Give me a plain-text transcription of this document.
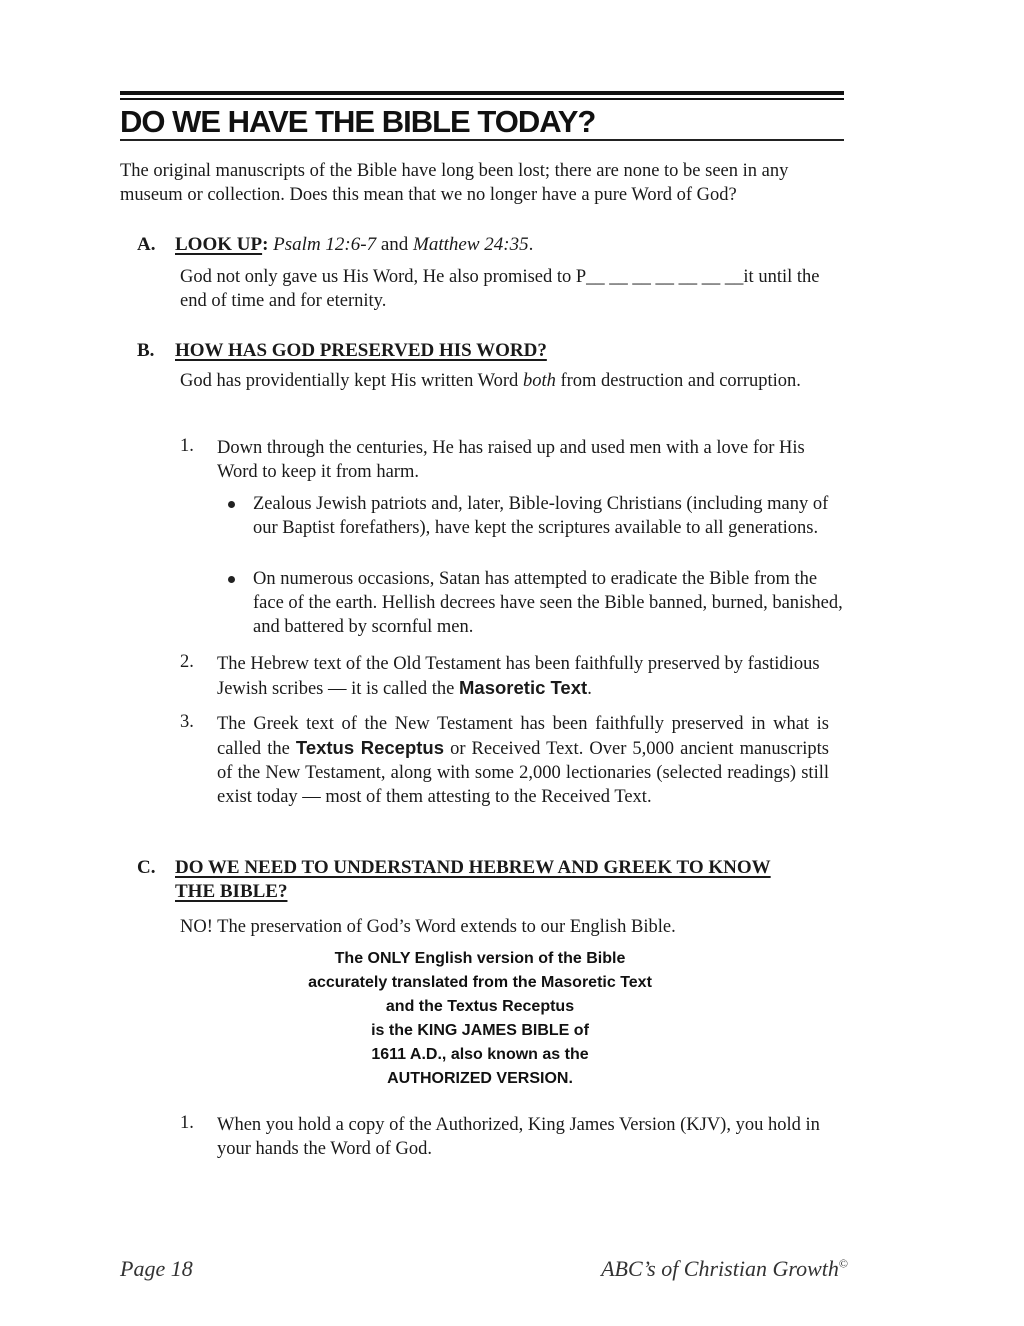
DO WE HAVE THE BIBLE TODAY?

The original manuscripts of the Bible have long been lost; there are none to be seen in any museum or collection. Does this mean that we no longer have a pure Word of God?

A. LOOK UP: Psalm 12:6-7 and Matthew 24:35.

God not only gave us His Word, He also promised to P__ __ __ __ __ __ __it until the end of time and for eternity.

B. HOW HAS GOD PRESERVED HIS WORD?

God has providentially kept His written Word both from destruction and corruption.

1. Down through the centuries, He has raised up and used men with a love for His Word to keep it from harm.

Zealous Jewish patriots and, later, Bible-loving Christians (including many of our Baptist forefathers), have kept the scriptures available to all generations.

On numerous occasions, Satan has attempted to eradicate the Bible from the face of the earth. Hellish decrees have seen the Bible banned, burned, banished, and battered by scornful men.

2. The Hebrew text of the Old Testament has been faithfully preserved by fastidious Jewish scribes — it is called the Masoretic Text.

3. The Greek text of the New Testament has been faithfully preserved in what is called the Textus Receptus or Received Text. Over 5,000 ancient manuscripts of the New Testament, along with some 2,000 lectionaries (selected readings) still exist today — most of them attesting to the Received Text.

C. DO WE NEED TO UNDERSTAND HEBREW AND GREEK TO KNOW
THE BIBLE?

NO! The preservation of God’s Word extends to our English Bible.

The ONLY English version of the Bible
accurately translated from the Masoretic Text
and the Textus Receptus
is the KING JAMES BIBLE of
1611 A.D., also known as the
AUTHORIZED VERSION.
1. When you hold a copy of the Authorized, King James Version (KJV), you hold in your hands the Word of God.

Page 18	ABC’s of Christian Growth©
